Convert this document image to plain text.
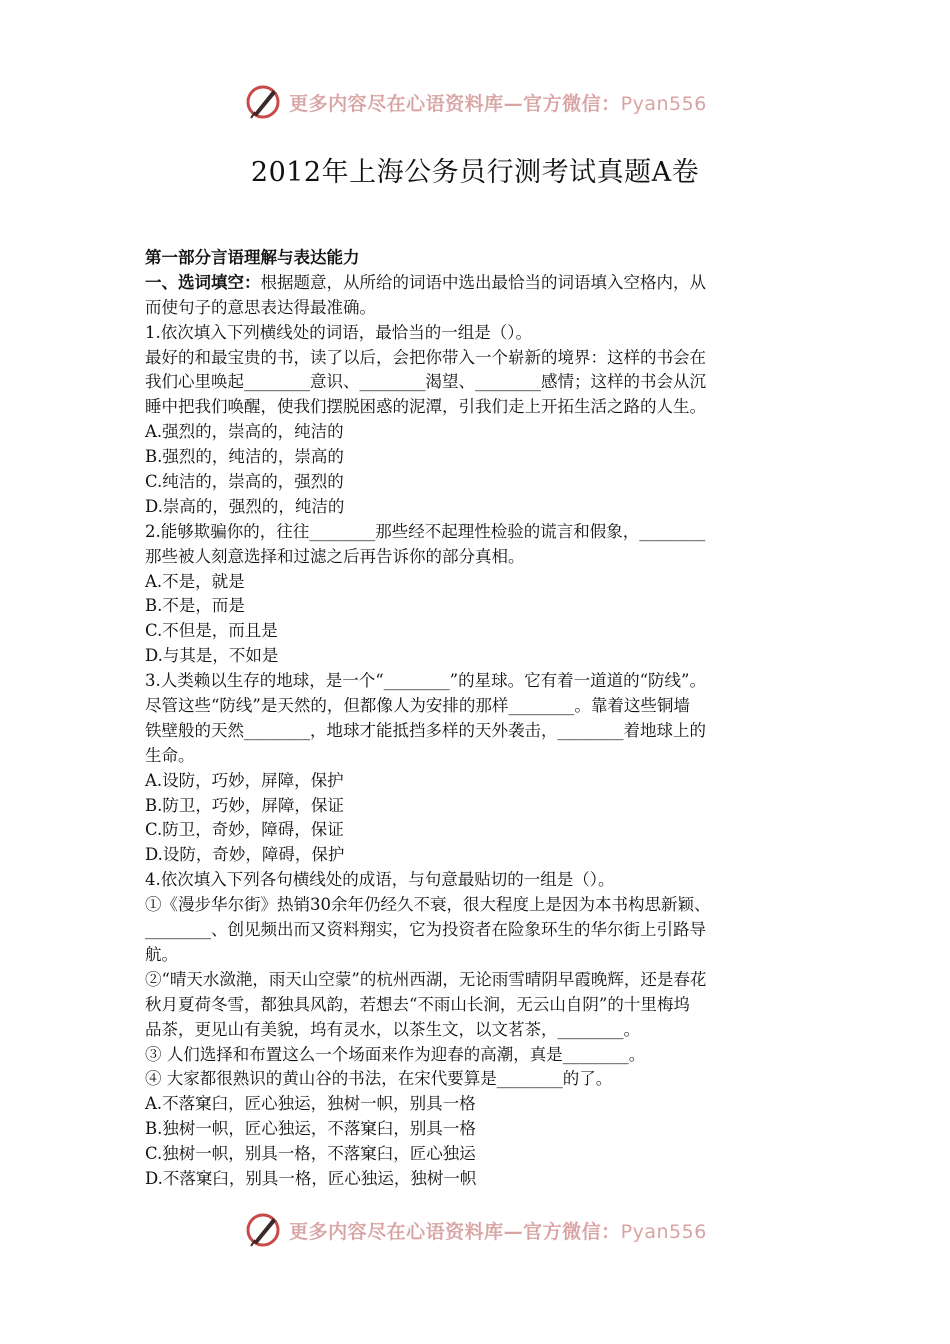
更多内容尽在心语资料库—官方微信：Pyan556
2012年上海公务员行测考试真题A卷
第一部分言语理解与表达能力
一、选词填空：根据题意，从所给的词语中选出最恰当的词语填入空格内，从
而使句子的意思表达得最准确。
1.依次填入下列横线处的词语，最恰当的一组是（）。
最好的和最宝贵的书，读了以后，会把你带入一个崭新的境界：这样的书会在
我们心里唤起________意识、________渴望、________感情；这样的书会从沉
睡中把我们唤醒，使我们摆脱困惑的泥潭，引我们走上开拓生活之路的人生。
A.强烈的，崇高的，纯洁的
B.强烈的，纯洁的，崇高的
C.纯洁的，崇高的，强烈的
D.崇高的，强烈的，纯洁的
2.能够欺骗你的，往往________那些经不起理性检验的谎言和假象，________
那些被人刻意选择和过滤之后再告诉你的部分真相。
A.不是，就是
B.不是，而是
C.不但是，而且是
D.与其是，不如是
3.人类赖以生存的地球，是一个“________”的星球。它有着一道道的“防线”。
尽管这些“防线”是天然的，但都像人为安排的那样________。靠着这些铜墙
铁壁般的天然________，地球才能抵挡多样的天外袭击，________着地球上的
生命。
A.设防，巧妙，屏障，保护
B.防卫，巧妙，屏障，保证
C.防卫，奇妙，障碍，保证
D.设防，奇妙，障碍，保护
4.依次填入下列各句横线处的成语，与句意最贴切的一组是（）。
①《漫步华尔街》热销30余年仍经久不衰，很大程度上是因为本书构思新颖、
________、创见频出而又资料翔实，它为投资者在险象环生的华尔街上引路导
航。
②“晴天水潋滟，雨天山空蒙”的杭州西湖，无论雨雪晴阴早霞晚辉，还是春花
秋月夏荷冬雪，都独具风韵，若想去“不雨山长涧，无云山自阴”的十里梅坞
品茶，更见山有美貌，坞有灵水，以茶生文，以文茗茶，________。
③ 人们选择和布置这么一个场面来作为迎春的高潮，真是________。
④ 大家都很熟识的黄山谷的书法，在宋代要算是________的了。
A.不落窠臼，匠心独运，独树一帜，别具一格
B.独树一帜，匠心独运，不落窠臼，别具一格
C.独树一帜，别具一格，不落窠臼，匠心独运
D.不落窠臼，别具一格，匠心独运，独树一帜
更多内容尽在心语资料库—官方微信：Pyan556
